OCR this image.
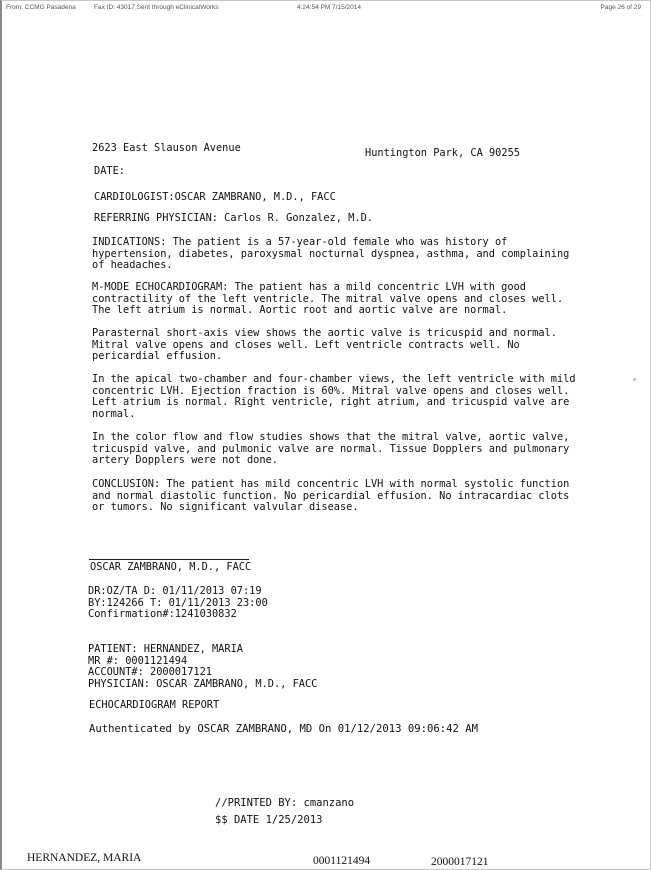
From: CCMG Pasadena	Fax ID: 43017 Sent through eClinicalWorks	4:24:54 PM 7/15/2014	Page 26 of 29
2623 East Slauson Avenue	Huntington Park, CA 90255
DATE:
CARDIOLOGIST:OSCAR ZAMBRANO, M.D., FACC
REFERRING PHYSICIAN: Carlos R. Gonzalez, M.D.
INDICATIONS: The patient is a 57-year-old female who was history of
hypertension, diabetes, paroxysmal nocturnal dyspnea, asthma, and complaining
of headaches.
M-MODE ECHOCARDIOGRAM: The patient has a mild concentric LVH with good
contractility of the left ventricle. The mitral valve opens and closes well.
The left atrium is normal. Aortic root and aortic valve are normal.
Parasternal short-axis view shows the aortic valve is tricuspid and normal.
Mitral valve opens and closes well. Left ventricle contracts well. No
pericardial effusion.
In the apical two-chamber and four-chamber views, the left ventricle with mild
concentric LVH. Ejection fraction is 60%. Mitral valve opens and closes well.
Left atrium is normal. Right ventricle, right atrium, and tricuspid valve are
normal.
In the color flow and flow studies shows that the mitral valve, aortic valve,
tricuspid valve, and pulmonic valve are normal. Tissue Dopplers and pulmonary
artery Dopplers were not done.
CONCLUSION: The patient has mild concentric LVH with normal systolic function
and normal diastolic function. No pericardial effusion. No intracardiac clots
or tumors. No significant valvular disease.
OSCAR ZAMBRANO, M.D., FACC
DR:OZ/TA D: 01/11/2013 07:19
BY:124266 T: 01/11/2013 23:00
Confirmation#:1241030832
PATIENT: HERNANDEZ, MARIA
MR #: 0001121494
ACCOUNT#: 2000017121
PHYSICIAN: OSCAR ZAMBRANO, M.D., FACC
ECHOCARDIOGRAM REPORT
Authenticated by OSCAR ZAMBRANO, MD On 01/12/2013 09:06:42 AM
//PRINTED BY: cmanzano
$$ DATE 1/25/2013
HERNANDEZ, MARIA	0001121494	2000017121
